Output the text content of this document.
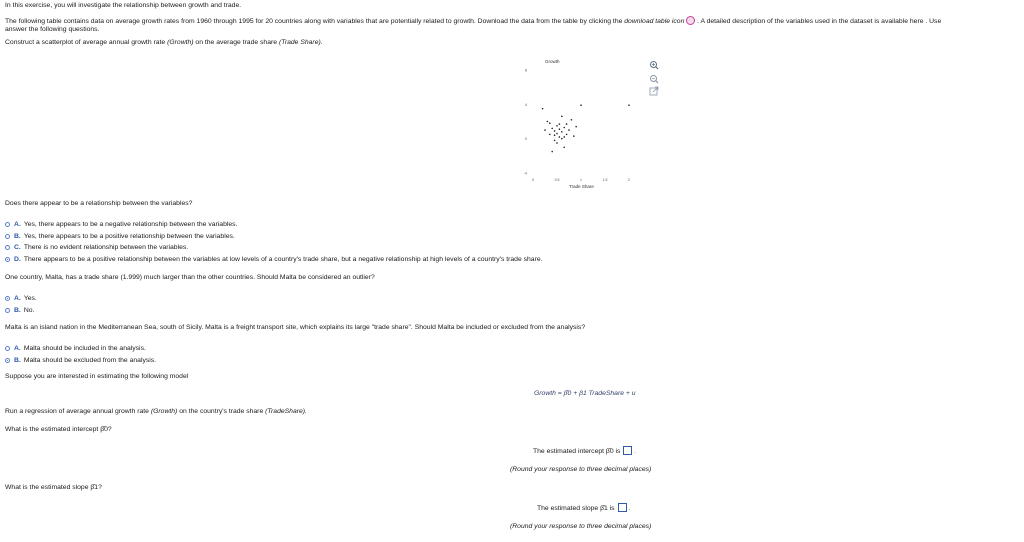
In this exercise, you will investigate the relationship between growth and trade.
The following table contains data on average growth rates from 1960 through 1995 for 20 countries along with variables that are potentially related to growth. Download the data from the table by clicking the download table icon . A detailed description of the variables used in the dataset is available here . Use
answer the following questions.
Construct a scatterplot of average annual growth rate (Growth) on the average trade share (Trade Share).
Growth
Trade Share
8
4
0
-4
0	0.5	1	1.5	2
Does there appear to be a relationship between the variables?
A. Yes, there appears to be a negative relationship between the variables.
B. Yes, there appears to be a positive relationship between the variables.
C. There is no evident relationship between the variables.
D. There appears to be a positive relationship between the variables at low levels of a country's trade share, but a negative relationship at high levels of a country's trade share.
One country, Malta, has a trade share (1.999) much larger than the other countries. Should Malta be considered an outlier?
A. Yes.
B. No.
Malta is an island nation in the Mediterranean Sea, south of Sicily. Malta is a freight transport site, which explains its large "trade share". Should Malta be included or excluded from the analysis?
A. Malta should be included in the analysis.
B. Malta should be excluded from the analysis.
Suppose you are interested in estimating the following model
Growth = β̂0 + β1 TradeShare + u
Run a regression of average annual growth rate (Growth) on the country's trade share (TradeShare).
What is the estimated intercept β̂0?
The estimated intercept β̂0 is	.
(Round your response to three decimal places)
What is the estimated slope β̂1?
The estimated slope β̂1 is	.
(Round your response to three decimal places)
